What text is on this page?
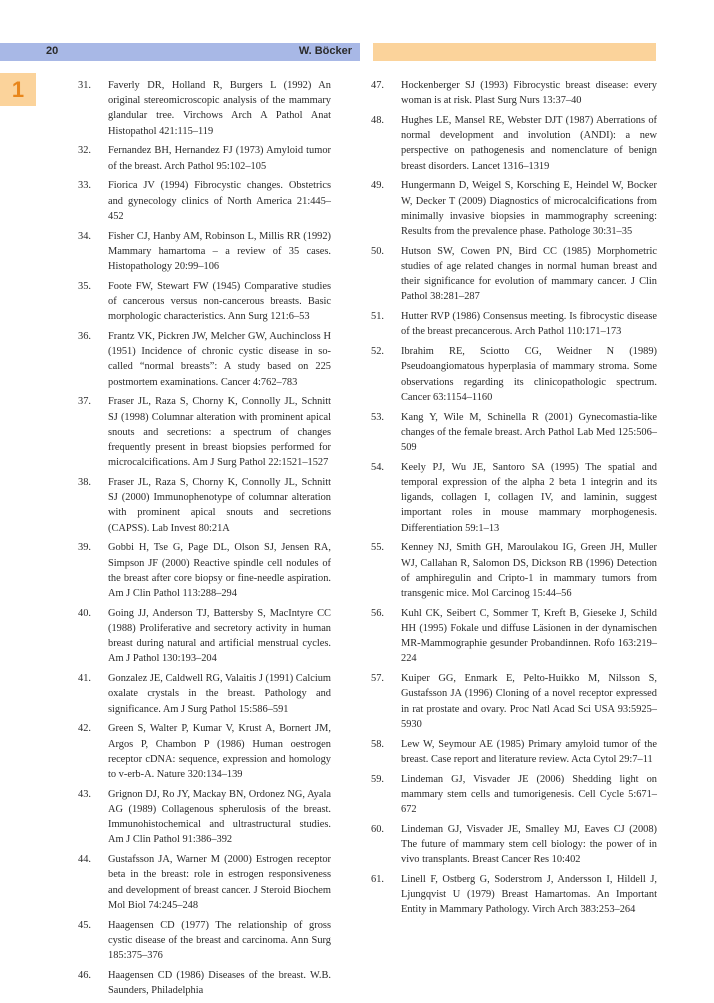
20	W. Böcker
1	31.	Faverly DR, Holland R, Burgers L (1992) An original stereomicroscopic analysis of the mammary glandular tree. Virchows Arch A Pathol Anat Histopathol 421:115–119
32.	Fernandez BH, Hernandez FJ (1973) Amyloid tumor of the breast. Arch Pathol 95:102–105
33.	Fiorica JV (1994) Fibrocystic changes. Obstetrics and gynecology clinics of North America 21:445–452
34.	Fisher CJ, Hanby AM, Robinson L, Millis RR (1992) Mammary hamartoma – a review of 35 cases. Histopathology 20:99–106
35.	Foote FW, Stewart FW (1945) Comparative studies of cancerous versus non-cancerous breasts. Basic morphologic characteristics. Ann Surg 121:6–53
36.	Frantz VK, Pickren JW, Melcher GW, Auchincloss H (1951) Incidence of chronic cystic disease in so-called “normal breasts”: A study based on 225 postmortem examinations. Cancer 4:762–783
37.	Fraser JL, Raza S, Chorny K, Connolly JL, Schnitt SJ (1998) Columnar alteration with prominent apical snouts and secretions: a spectrum of changes frequently present in breast biopsies performed for microcalcifications. Am J Surg Pathol 22:1521–1527
38.	Fraser JL, Raza S, Chorny K, Connolly JL, Schnitt SJ (2000) Immunophenotype of columnar alteration with prominent apical snouts and secretions (CAPSS). Lab Invest 80:21A
39.	Gobbi H, Tse G, Page DL, Olson SJ, Jensen RA, Simpson JF (2000) Reactive spindle cell nodules of the breast after core biopsy or fine-needle aspiration. Am J Clin Pathol 113:288–294
40.	Going JJ, Anderson TJ, Battersby S, MacIntyre CC (1988) Proliferative and secretory activity in human breast during natural and artificial menstrual cycles. Am J Pathol 130:193–204
41.	Gonzalez JE, Caldwell RG, Valaitis J (1991) Calcium oxalate crystals in the breast. Pathology and significance. Am J Surg Pathol 15:586–591
42.	Green S, Walter P, Kumar V, Krust A, Bornert JM, Argos P, Chambon P (1986) Human oestrogen receptor cDNA: sequence, expression and homology to v-erb-A. Nature 320:134–139
43.	Grignon DJ, Ro JY, Mackay BN, Ordonez NG, Ayala AG (1989) Collagenous spherulosis of the breast. Immunohistochemical and ultrastructural studies. Am J Clin Pathol 91:386–392
44.	Gustafsson JA, Warner M (2000) Estrogen receptor beta in the breast: role in estrogen responsiveness and development of breast cancer. J Steroid Biochem Mol Biol 74:245–248
45.	Haagensen CD (1977) The relationship of gross cystic disease of the breast and carcinoma. Ann Surg 185:375–376
46.	Haagensen CD (1986) Diseases of the breast. W.B. Saunders, Philadelphia
47.	Hockenberger SJ (1993) Fibrocystic breast disease: every woman is at risk. Plast Surg Nurs 13:37–40
48.	Hughes LE, Mansel RE, Webster DJT (1987) Aberrations of normal development and involution (ANDI): a new perspective on pathogenesis and nomenclature of benign breast disorders. Lancet 1316–1319
49.	Hungermann D, Weigel S, Korsching E, Heindel W, Bocker W, Decker T (2009) Diagnostics of microcalcifications from minimally invasive biopsies in mammography screening: Results from the prevalence phase. Pathologe 30:31–35
50.	Hutson SW, Cowen PN, Bird CC (1985) Morphometric studies of age related changes in normal human breast and their significance for evolution of mammary cancer. J Clin Pathol 38:281–287
51.	Hutter RVP (1986) Consensus meeting. Is fibrocystic disease of the breast precancerous. Arch Pathol 110:171–173
52.	Ibrahim RE, Sciotto CG, Weidner N (1989) Pseudoangiomatous hyperplasia of mammary stroma. Some observations regarding its clinicopathologic spectrum. Cancer 63:1154–1160
53.	Kang Y, Wile M, Schinella R (2001) Gynecomastia-like changes of the female breast. Arch Pathol Lab Med 125:506–509
54.	Keely PJ, Wu JE, Santoro SA (1995) The spatial and temporal expression of the alpha 2 beta 1 integrin and its ligands, collagen I, collagen IV, and laminin, suggest important roles in mouse mammary morphogenesis. Differentiation 59:1–13
55.	Kenney NJ, Smith GH, Maroulakou IG, Green JH, Muller WJ, Callahan R, Salomon DS, Dickson RB (1996) Detection of amphiregulin and Cripto-1 in mammary tumors from transgenic mice. Mol Carcinog 15:44–56
56.	Kuhl CK, Seibert C, Sommer T, Kreft B, Gieseke J, Schild HH (1995) Fokale und diffuse Läsionen in der dynamischen MR-Mammographie gesunder Probandinnen. Rofo 163:219–224
57.	Kuiper GG, Enmark E, Pelto-Huikko M, Nilsson S, Gustafsson JA (1996) Cloning of a novel receptor expressed in rat prostate and ovary. Proc Natl Acad Sci USA 93:5925–5930
58.	Lew W, Seymour AE (1985) Primary amyloid tumor of the breast. Case report and literature review. Acta Cytol 29:7–11
59.	Lindeman GJ, Visvader JE (2006) Shedding light on mammary stem cells and tumorigenesis. Cell Cycle 5:671–672
60.	Lindeman GJ, Visvader JE, Smalley MJ, Eaves CJ (2008) The future of mammary stem cell biology: the power of in vivo transplants. Breast Cancer Res 10:402
61.	Linell F, Ostberg G, Soderstrom J, Andersson I, Hildell J, Ljungqvist U (1979) Breast Hamartomas. An Important Entity in Mammary Pathology. Virch Arch 383:253–264
